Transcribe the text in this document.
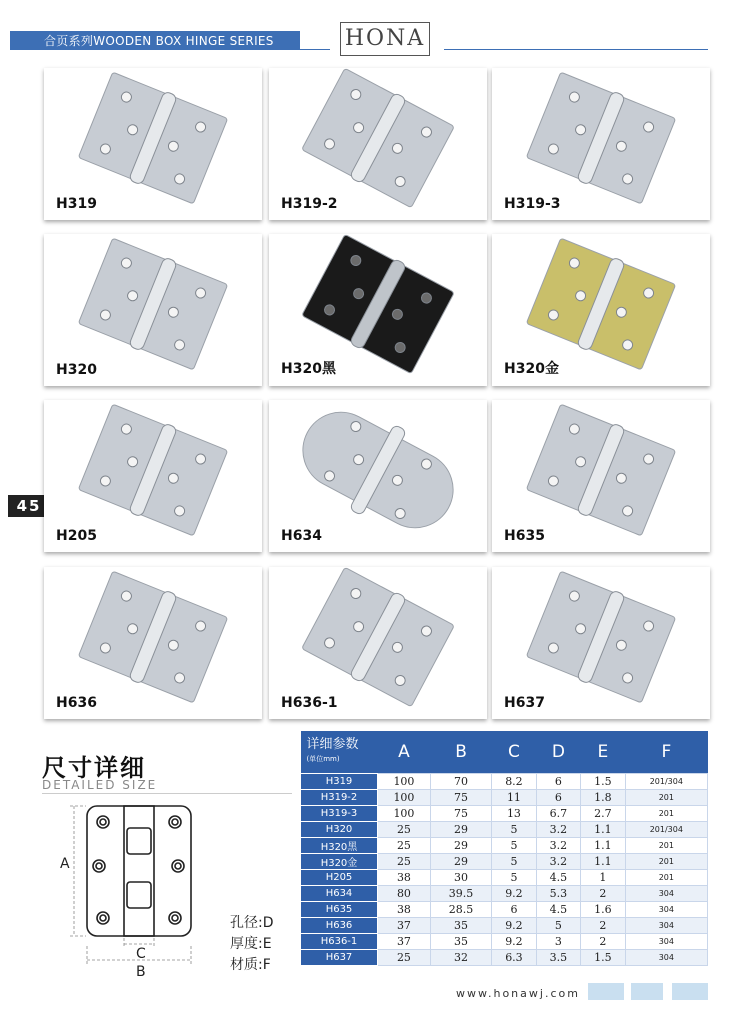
合页系列WOODEN BOX HINGE SERIES	HONA
45
H319	H319-2	H319-3
H320	H320黑	H320金
H205	H634	H635
H636	H636-1	H637
尺寸详细
DETAILED SIZE
A
C
B
孔径:D
厚度:E
材质:F
详细参数
(单位mm)	A	B	C	D	E	F
H319	100	70	8.2	6	1.5	201/304
H319-2	100	75	11	6	1.8	201
H319-3	100	75	13	6.7	2.7	201
H320	25	29	5	3.2	1.1	201/304
H320黑	25	29	5	3.2	1.1	201
H320金	25	29	5	3.2	1.1	201
H205	38	30	5	4.5	1	201
H634	80	39.5	9.2	5.3	2	304
H635	38	28.5	6	4.5	1.6	304
H636	37	35	9.2	5	2	304
H636-1	37	35	9.2	3	2	304
H637	25	32	6.3	3.5	1.5	304
www.honawj.com
